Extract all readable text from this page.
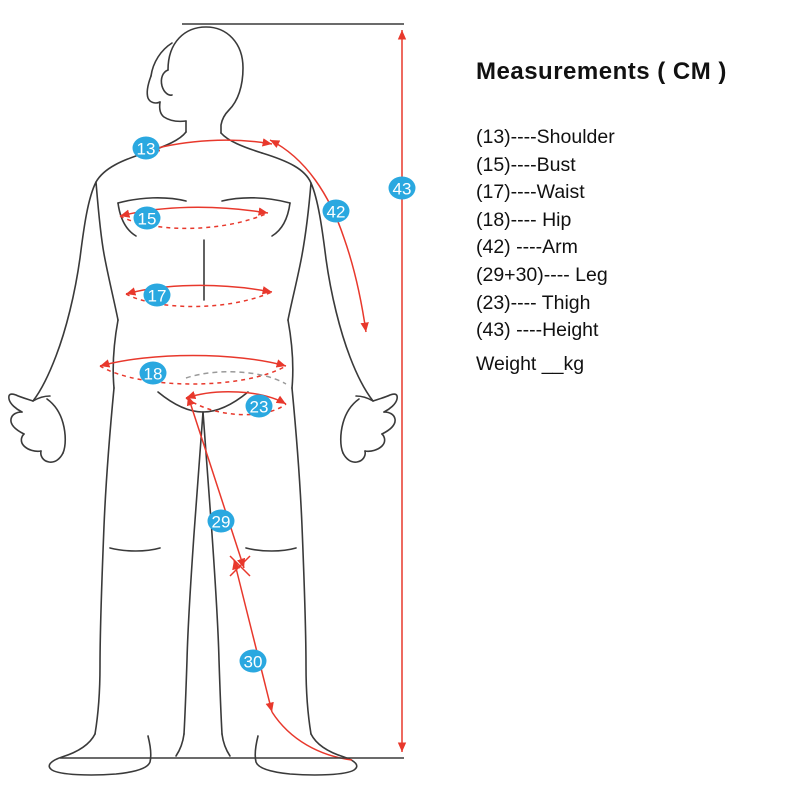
13
15
17
18
42
23
29
30
43
Measurements ( CM )
(13)----Shoulder
(15)----Bust
(17)----Waist
(18)---- Hip
(42) ----Arm
(29+30)---- Leg
(23)---- Thigh
(43) ----Height
Weight __kg
